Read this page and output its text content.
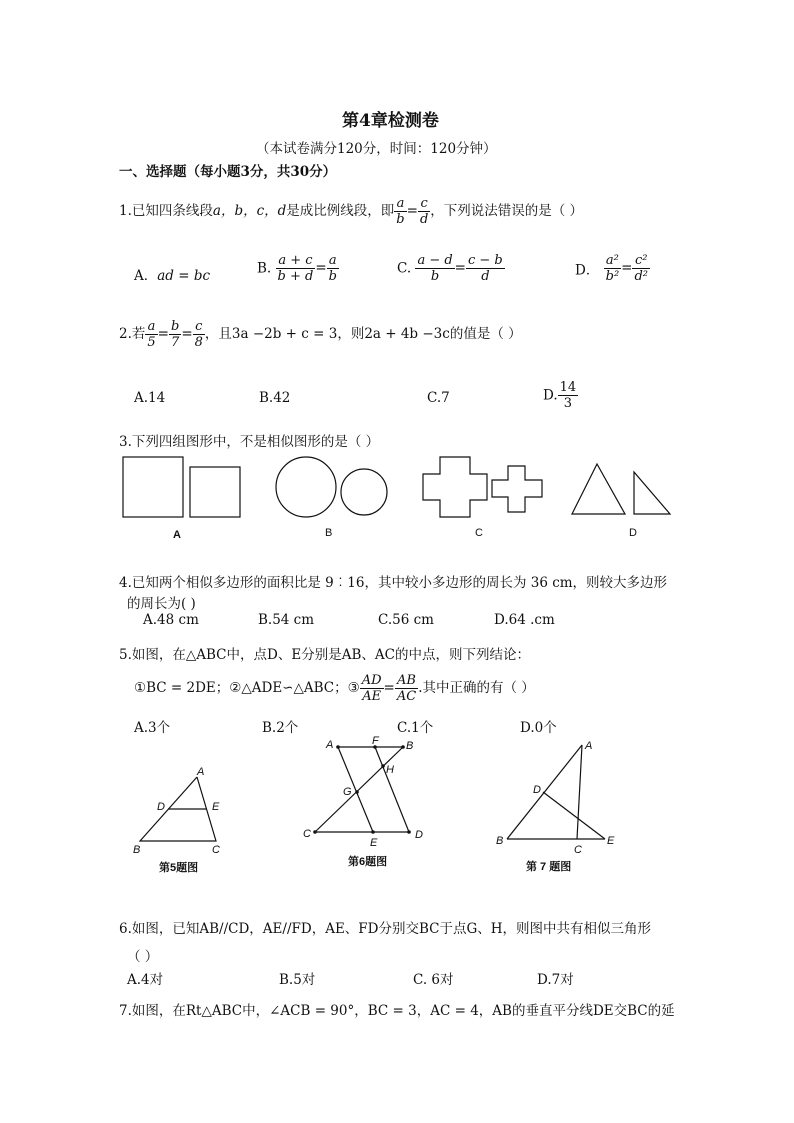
第4章检测卷
（本试卷满分120分，时间：120分钟）
一、选择题（每小题3分，共30分）
1.已知四条线段a，b，c，d是成比例线段，即 $\frac{a}{b} = \frac{c}{d}$ ，下列说法错误的是（ ）
A．ad = bc	B. $\frac{a + c}{b + d} = \frac{a}{b}$	C. $\frac{a - d}{b} = \frac{c - b}{d}$	D． $\frac{\text{a²}}{\text{b²}} = \frac{\text{c²}}{\text{d²}}$
2.若 $\frac{a}{5} = \frac{b}{7} = \frac{c}{8}$ ，且3a −2b + c = 3，则2a + 4b −3c的值是（ ）
A.14	B.42	C.7	D. $\frac{14}{3}$
3.下列四组图形中，不是相似图形的是（ ）
A	B	C	D
4.已知两个相似多边形的面积比是 9︰16，其中较小多边形的周长为 36 cm，则较大多边形
的周长为( )
A.48 cm	B.54 cm	C.56 cm	D.64 .cm
5.如图，在△ABC中，点D、E分别是AB、AC的中点，则下列结论：
①BC = 2DE；②△ADE∽△ABC；③ $\frac{AD}{AE} = \frac{AB}{AC}$ .其中正确的有（ ）
A.3个	B.2个	C.1个	D.0个
A
D	E
B	C
第5题图
A	F B
H
G
C
E
D
第6题图
A
D
B
C
E
第 7 题图
6.如图，已知AB//CD，AE//FD，AE、FD分别交BC于点G、H，则图中共有相似三角形
（ ）
A.4对	B.5对	C. 6对	D.7对
7.如图，在Rt△ABC中，∠ACB = 90°，BC = 3，AC = 4，AB的垂直平分线DE交BC的延
